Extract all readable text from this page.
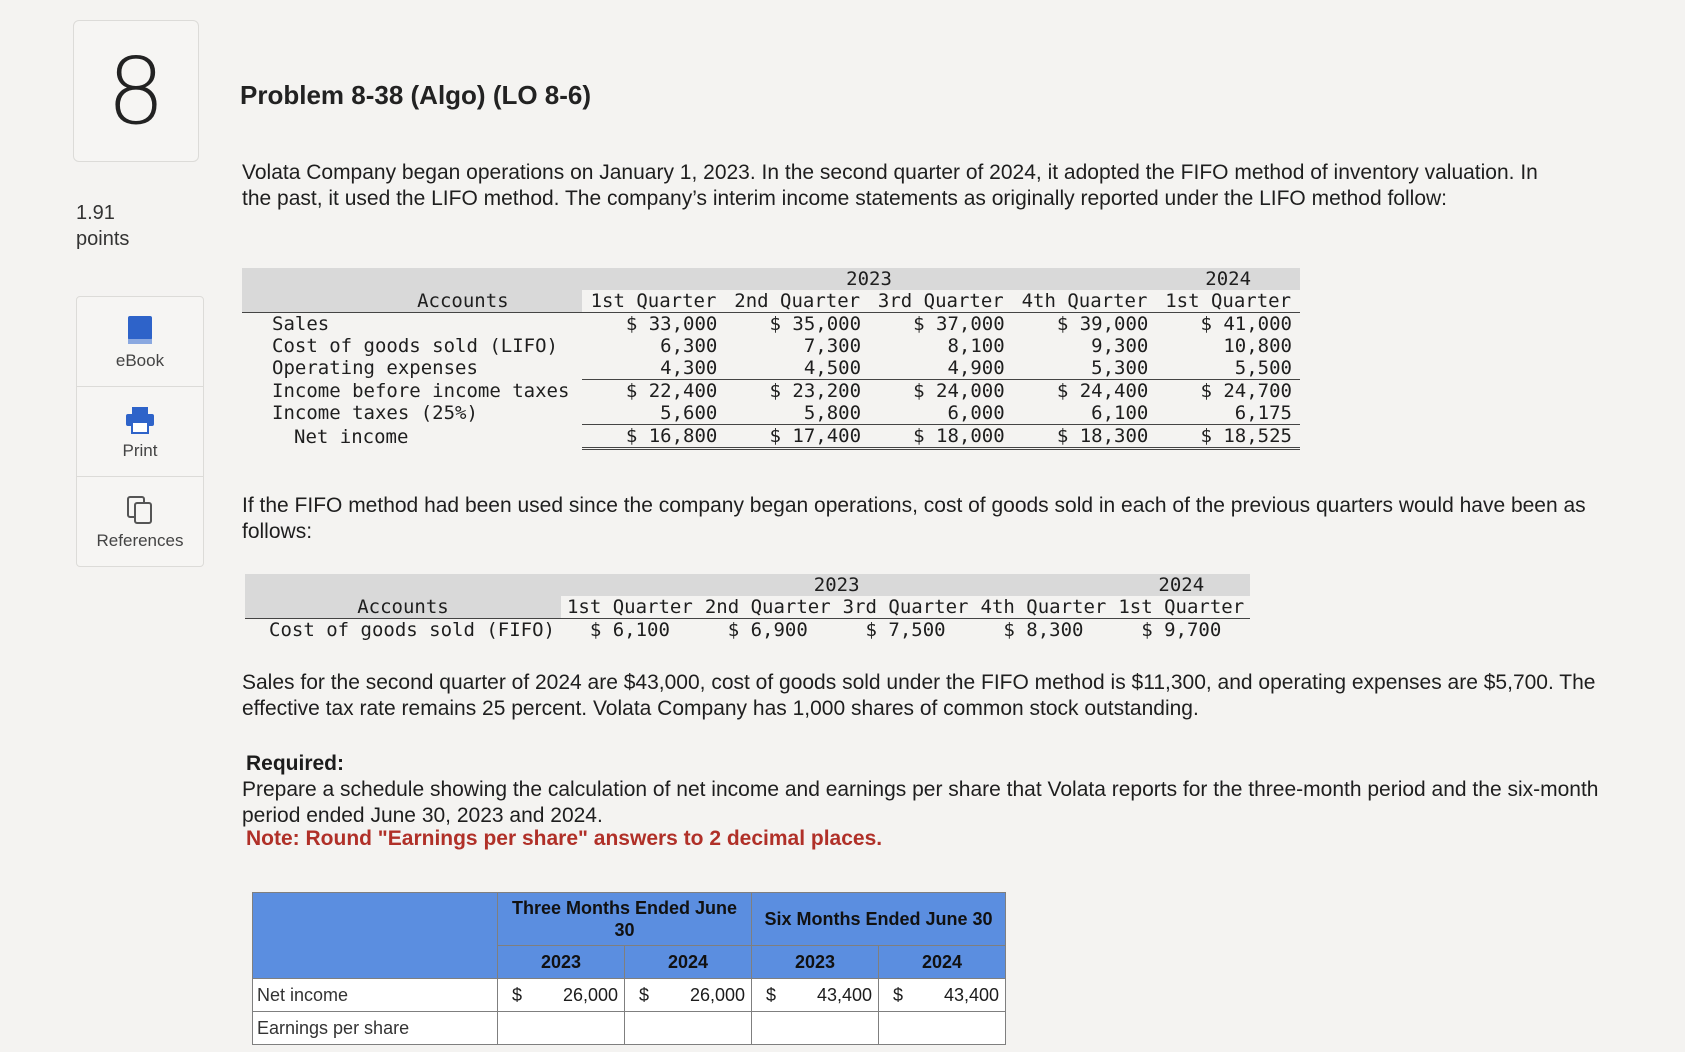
8
1.91
points
eBook
Print
References
Problem 8-38 (Algo) (LO 8-6)
Volata Company began operations on January 1, 2023. In the second quarter of 2024, it adopted the FIFO method of inventory valuation. In the past, it used the LIFO method. The company’s interim income statements as originally reported under the LIFO method follow:
	2023				2024
Accounts	1st Quarter	2nd Quarter	3rd Quarter	4th Quarter	1st Quarter
Sales	$ 33,000	$ 35,000	$ 37,000	$ 39,000	$ 41,000
Cost of goods sold (LIFO)	6,300	7,300	8,100	9,300	10,800
Operating expenses	4,300	4,500	4,900	5,300	5,500
Income before income taxes	$ 22,400	$ 23,200	$ 24,000	$ 24,400	$ 24,700
Income taxes (25%)	5,600	5,800	6,000	6,100	6,175
Net income	$ 16,800	$ 17,400	$ 18,000	$ 18,300	$ 18,525
If the FIFO method had been used since the company began operations, cost of goods sold in each of the previous quarters would have been as follows:
	2023				2024
Accounts	1st Quarter	2nd Quarter	3rd Quarter	4th Quarter	1st Quarter
Cost of goods sold (FIFO)	$ 6,100	$ 6,900	$ 7,500	$ 8,300	$ 9,700
Sales for the second quarter of 2024 are $43,000, cost of goods sold under the FIFO method is $11,300, and operating expenses are $5,700. The effective tax rate remains 25 percent. Volata Company has 1,000 shares of common stock outstanding.
Required:
Prepare a schedule showing the calculation of net income and earnings per share that Volata reports for the three-month period and the six-month period ended June 30, 2023 and 2024.
Note: Round "Earnings per share" answers to 2 decimal places.
	Three Months Ended June 30		Six Months Ended June 30	
	2023	2024	2023	2024
Net income	$ 26,000	$ 26,000	$ 43,400	$ 43,400
Earnings per share				
